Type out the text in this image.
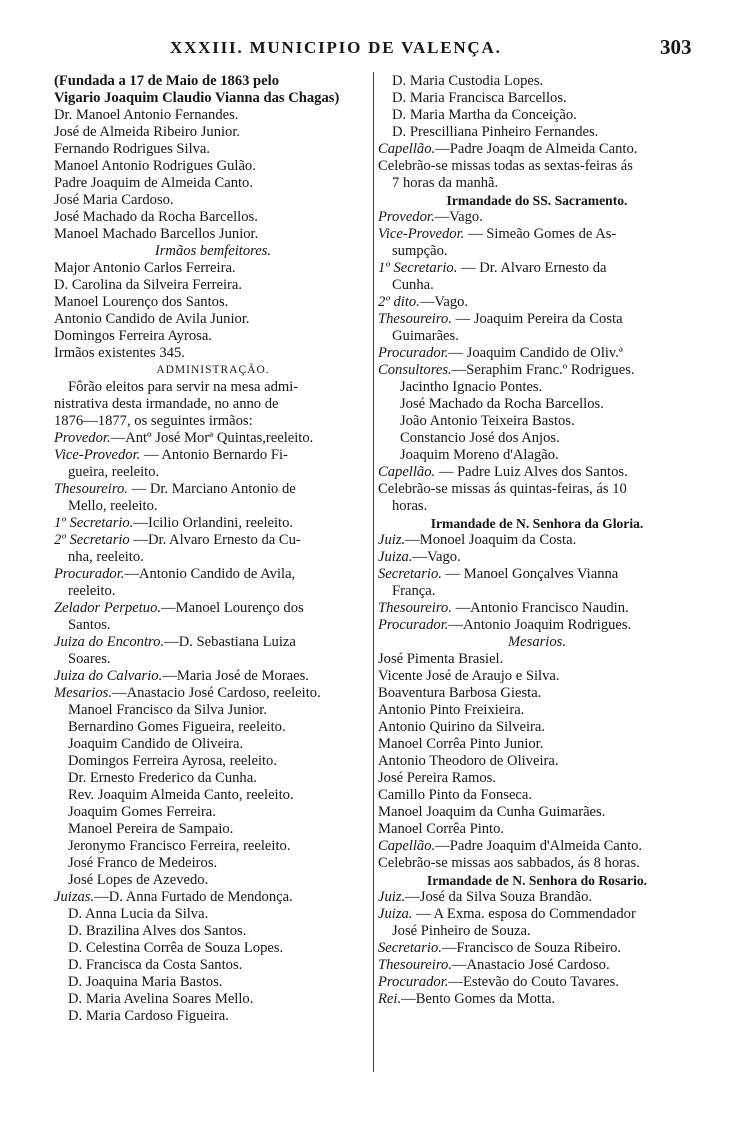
XXXIII. MUNICIPIO DE VALENÇA.	303
(Fundada a 17 de Maio de 1863 pelo
Vigario Joaquim Claudio Vianna das Chagas)
Dr. Manoel Antonio Fernandes.
José de Almeida Ribeiro Junior.
Fernando Rodrigues Silva.
Manoel Antonio Rodrigues Gulão.
Padre Joaquim de Almeida Canto.
José Maria Cardoso.
José Machado da Rocha Barcellos.
Manoel Machado Barcellos Junior.
Irmãos bemfeitores.
Major Antonio Carlos Ferreira.
D. Carolina da Silveira Ferreira.
Manoel Lourenço dos Santos.
Antonio Candido de Avila Junior.
Domingos Ferreira Ayrosa.
Irmãos existentes 345.
ADMINISTRAÇÃO.
Fôrão eleitos para servir na mesa admi-
nistrativa desta irmandade, no anno de
1876—1877, os seguintes irmãos:
Provedor.—Antº José Morª Quintas,reeleito.
Vice-Provedor. — Antonio Bernardo Fi-
gueira, reeleito.
Thesoureiro. — Dr. Marciano Antonio de
Mello, reeleito.
1º Secretario.—Icilio Orlandini, reeleito.
2º Secretario —Dr. Alvaro Ernesto da Cu-
nha, reeleito.
Procurador.—Antonio Candido de Avila,
reeleito.
Zelador Perpetuo.—Manoel Lourenço dos
Santos.
Juiza do Encontro.—D. Sebastiana Luiza
Soares.
Juiza do Calvario.—Maria José de Moraes.
Mesarios.—Anastacio José Cardoso, reeleito.
Manoel Francisco da Silva Junior.
Bernardino Gomes Figueira, reeleito.
Joaquim Candido de Oliveira.
Domingos Ferreira Ayrosa, reeleito.
Dr. Ernesto Frederico da Cunha.
Rev. Joaquim Almeida Canto, reeleito.
Joaquim Gomes Ferreira.
Manoel Pereira de Sampaio.
Jeronymo Francisco Ferreira, reeleito.
José Franco de Medeiros.
José Lopes de Azevedo.
Juizas.—D. Anna Furtado de Mendonça.
D. Anna Lucia da Silva.
D. Brazilina Alves dos Santos.
D. Celestina Corrêa de Souza Lopes.
D. Francisca da Costa Santos.
D. Joaquina Maria Bastos.
D. Maria Avelina Soares Mello.
D. Maria Cardoso Figueira.
D. Maria Custodia Lopes.
D. Maria Francisca Barcellos.
D. Maria Martha da Conceição.
D. Prescilliana Pinheiro Fernandes.
Capellão.—Padre Joaqm de Almeida Canto.
Celebrão-se missas todas as sextas-feiras ás
7 horas da manhã.
Irmandade do SS. Sacramento.
Provedor.—Vago.
Vice-Provedor. — Simeão Gomes de As-
sumpção.
1º Secretario. — Dr. Alvaro Ernesto da
Cunha.
2º dito.—Vago.
Thesoureiro. — Joaquim Pereira da Costa
Guimarães.
Procurador.— Joaquim Candido de Oliv.ª
Consultores.—Seraphim Franc.º Rodrigues.
Jacintho Ignacio Pontes.
José Machado da Rocha Barcellos.
João Antonio Teixeira Bastos.
Constancio José dos Anjos.
Joaquim Moreno d'Alagão.
Capellão. — Padre Luiz Alves dos Santos.
Celebrão-se missas ás quintas-feiras, ás 10
horas.
Irmandade de N. Senhora da Gloria.
Juiz.—Monoel Joaquim da Costa.
Juiza.—Vago.
Secretario. — Manoel Gonçalves Vianna
França.
Thesoureiro. —Antonio Francisco Naudin.
Procurador.—Antonio Joaquim Rodrigues.
Mesarios.
José Pimenta Brasiel.
Vicente José de Araujo e Silva.
Boaventura Barbosa Giesta.
Antonio Pinto Freixieira.
Antonio Quirino da Silveira.
Manoel Corrêa Pinto Junior.
Antonio Theodoro de Oliveira.
José Pereira Ramos.
Camillo Pinto da Fonseca.
Manoel Joaquim da Cunha Guimarães.
Manoel Corrêa Pinto.
Capellão.—Padre Joaquim d'Almeida Canto.
Celebrão-se missas aos sabbados, ás 8 horas.
Irmandade de N. Senhora do Rosario.
Juiz.—José da Silva Souza Brandão.
Juiza. — A Exma. esposa do Commendador
José Pinheiro de Souza.
Secretario.—Francisco de Souza Ribeiro.
Thesoureiro.—Anastacio José Cardoso.
Procurador.—Estevão do Couto Tavares.
Rei.—Bento Gomes da Motta.
